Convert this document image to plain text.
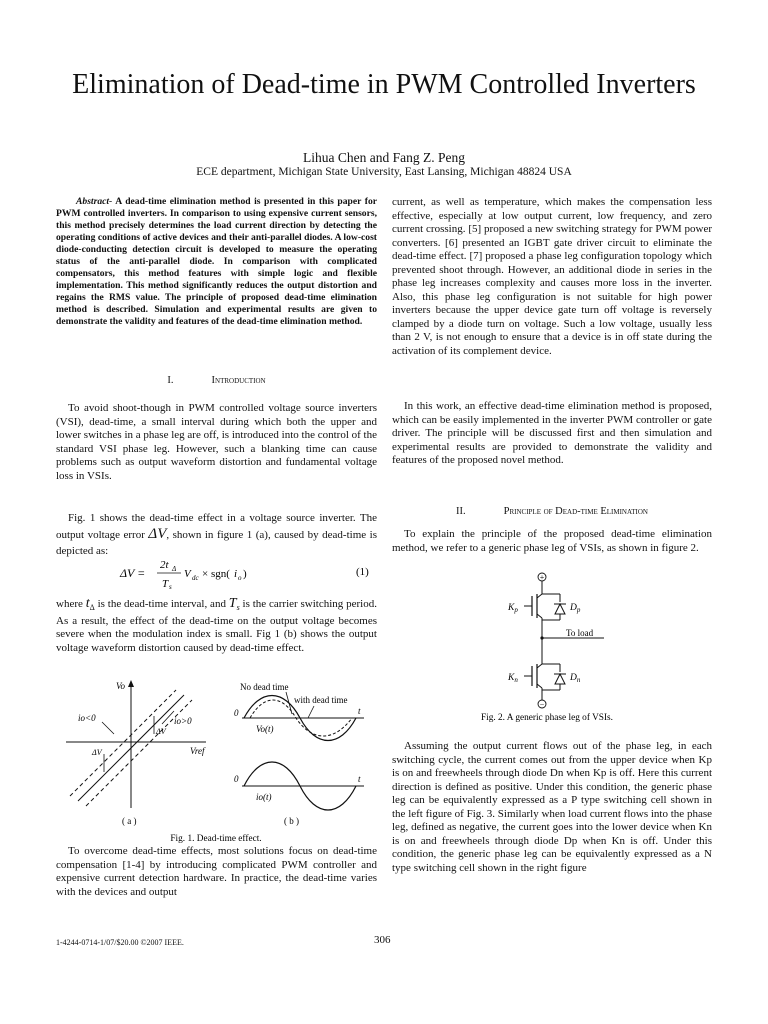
Elimination of Dead-time in PWM Controlled Inverters
Lihua Chen and Fang Z. Peng
ECE department, Michigan State University, East Lansing, Michigan 48824 USA

Abstract- A dead-time elimination method is presented in this paper for PWM controlled inverters. In comparison to using expensive current sensors, this method precisely determines the load current direction by detecting the operating conditions of active devices and their anti-parallel diodes. A low-cost diode-conducting detection circuit is developed to measure the operating status of the anti-parallel diode. In comparison with complicated compensators, this method features with simple logic and flexible implementation. This method significantly reduces the output distortion and regains the RMS value. The principle of proposed dead-time elimination method is described. Simulation and experimental results are given to demonstrate the validity and features of the dead-time elimination method.

I.	Introduction

To avoid shoot-though in PWM controlled voltage source inverters (VSI), dead-time, a small interval during which both the upper and lower switches in a phase leg are off, is introduced into the control of the standard VSI phase leg. However, such a blanking time can cause problems such as output waveform distortion and fundamental voltage loss in VSIs.

Fig. 1 shows the dead-time effect in a voltage source inverter. The output voltage error ΔV, shown in figure 1 (a), caused by dead-time is depicted as:

ΔV =
2t Δ
T s
V dc × sgn( i o )	(1)

where $t_\Delta$ is the dead-time interval, and $T_s$ is the carrier switching period. As a result, the effect of the dead-time on the output voltage becomes severe when the modulation index is small. Fig 1 (b) shows the output voltage waveform distortion caused by dead-time effect.

Vo
io<0	io>0
ΔV
ΔV	Vref
( a )
No dead time
with dead time
0	t
Vo(t)
0	t
io(t)
( b )
Fig. 1. Dead-time effect.

To overcome dead-time effects, most solutions focus on dead-time compensation [1-4] by introducing complicated PWM controller and expensive current detection hardware. In practice, the dead-time varies with the devices and output

current, as well as temperature, which makes the compensation less effective, especially at low output current, low frequency, and zero current crossing. [5] proposed a new switching strategy for PWM power converters. [6] presented an IGBT gate driver circuit to eliminate the dead-time effect. [7] proposed a phase leg configuration topology which prevented shoot through. However, an additional diode in series in the phase leg increases complexity and causes more loss in the inverter. Also, this phase leg configuration is not suitable for high power inverters because the upper device gate turn off voltage is reversely clamped by a diode turn on voltage. Such a low voltage, usually less than 2 V, is not enough to ensure that a device is in off state during the activation of its complement device.

In this work, an effective dead-time elimination method is proposed, which can be easily implemented in the inverter PWM controller or gate driver. The principle will be discussed first and then simulation and experimental results are provided to demonstrate the validity and features of the proposed novel method.

II.	Principle of Dead-time Elimination

To explain the principle of the proposed dead-time elimination method, we refer to a generic phase leg of VSIs, as shown in figure 2.

+
$K_p$	$D_p$
To load
$K_n$	$D_n$
−
Fig. 2. A generic phase leg of VSIs.

Assuming the output current flows out of the phase leg, in each switching cycle, the current comes out from the upper device when Kp is on and freewheels through diode Dn when Kp is off. Here this current direction is defined as positive. Under this condition, the generic phase leg can be equivalently expressed as a P type switching cell shown in the left figure of Fig. 3. Similarly when load current flows into the phase leg, defined as negative, the current goes into the lower device when Kn is on and freewheels through diode Dp when Kn is off. Under this condition, the generic phase leg can be equivalently expressed as a N type switching cell shown in the right figure

1-4244-0714-1/07/$20.00 ©2007 IEEE.	306
